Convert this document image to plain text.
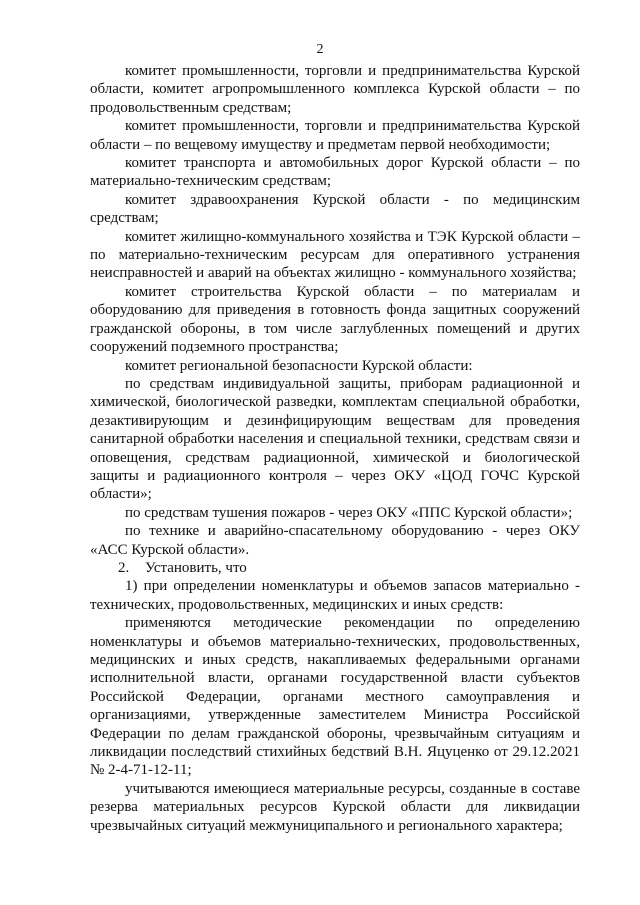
2

комитет промышленности, торговли и предпринимательства Курской области, комитет агропромышленного комплекса Курской области – по продовольственным средствам;

комитет промышленности, торговли и предпринимательства Курской области – по вещевому имуществу и предметам первой необходимости;

комитет транспорта и автомобильных дорог Курской области – по материально-техническим средствам;

комитет здравоохранения Курской области - по медицинским средствам;

комитет жилищно-коммунального хозяйства и ТЭК Курской области – по материально-техническим ресурсам для оперативного устранения неисправностей и аварий на объектах жилищно - коммунального хозяйства;

комитет строительства Курской области – по материалам и оборудованию для приведения в готовность фонда защитных сооружений гражданской обороны, в том числе заглубленных помещений и других сооружений подземного пространства;

комитет региональной безопасности Курской области:

по средствам индивидуальной защиты, приборам радиационной и химической, биологической разведки, комплектам специальной обработки, дезактивирующим и дезинфицирующим веществам для проведения санитарной обработки населения и специальной техники, средствам связи и оповещения, средствам радиационной, химической и биологической защиты и радиационного контроля – через ОКУ «ЦОД ГОЧС Курской области»;

по средствам тушения пожаров - через ОКУ «ППС Курской области»;

по технике и аварийно-спасательному оборудованию - через ОКУ «АСС Курской области».

2. Установить, что

1) при определении номенклатуры и объемов запасов материально - технических, продовольственных, медицинских и иных средств:

применяются методические рекомендации по определению номенклатуры и объемов материально-технических, продовольственных, медицинских и иных средств, накапливаемых федеральными органами исполнительной власти, органами государственной власти субъектов Российской Федерации, органами местного самоуправления и организациями, утвержденные заместителем Министра Российской Федерации по делам гражданской обороны, чрезвычайным ситуациям и ликвидации последствий стихийных бедствий В.Н. Яцуценко от 29.12.2021 № 2-4-71-12-11;

учитываются имеющиеся материальные ресурсы, созданные в составе резерва материальных ресурсов Курской области для ликвидации чрезвычайных ситуаций межмуниципального и регионального характера;
